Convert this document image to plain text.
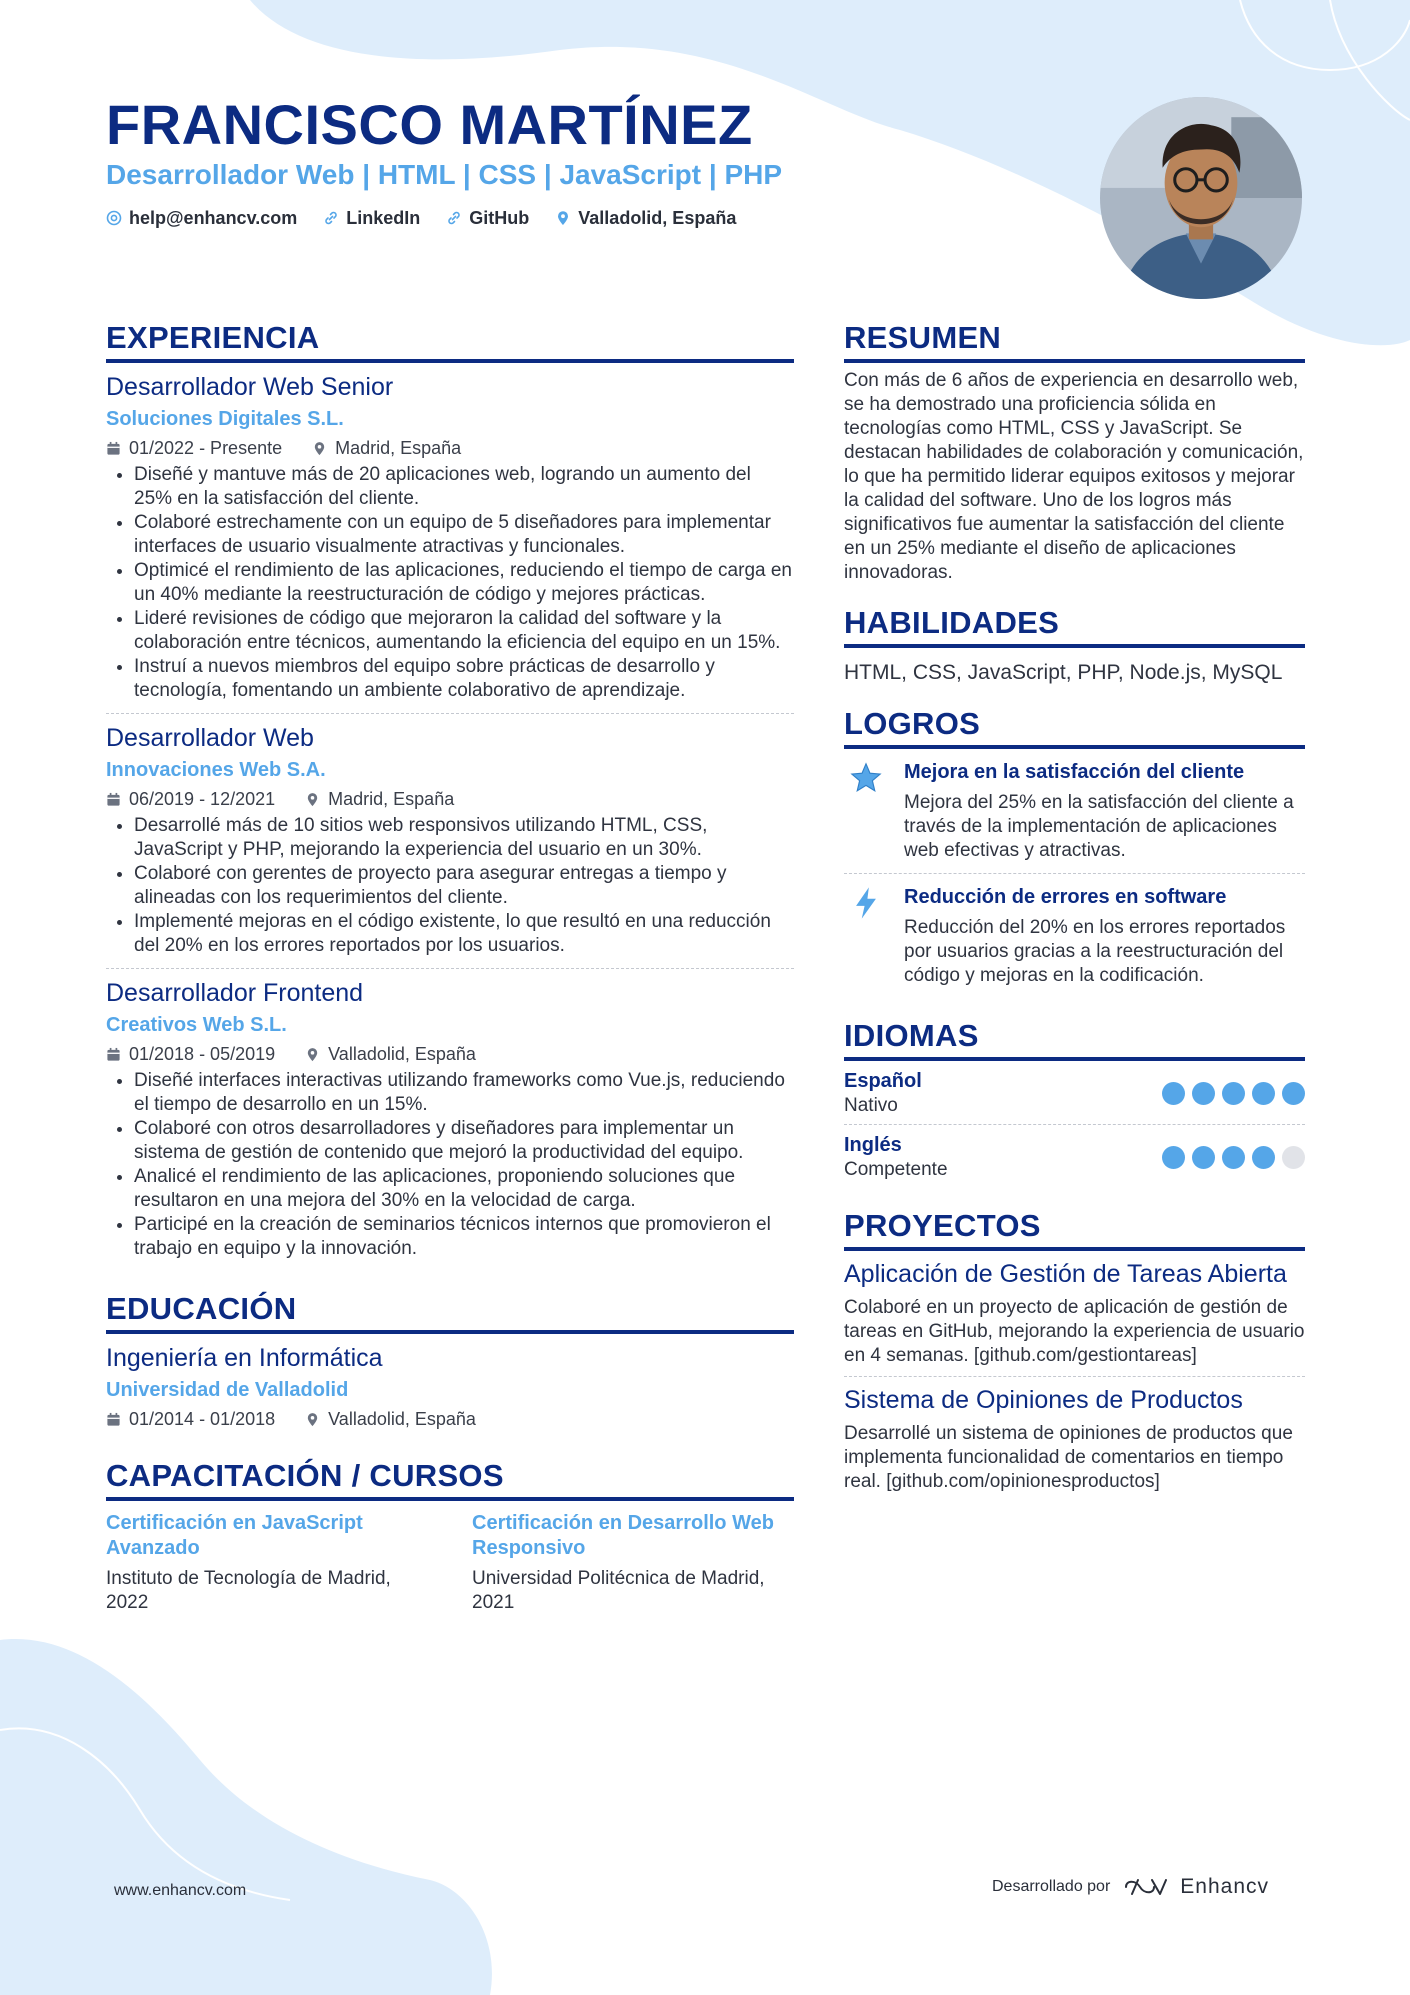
FRANCISCO MARTÍNEZ
Desarrollador Web | HTML | CSS | JavaScript | PHP
help@enhancv.com	LinkedIn	GitHub	Valladolid, España
EXPERIENCIA
Desarrollador Web Senior
Soluciones Digitales S.L.
01/2022 - Presente	Madrid, España
• Diseñé y mantuve más de 20 aplicaciones web, logrando un aumento del 25% en la satisfacción del cliente.
• Colaboré estrechamente con un equipo de 5 diseñadores para implementar interfaces de usuario visualmente atractivas y funcionales.
• Optimicé el rendimiento de las aplicaciones, reduciendo el tiempo de carga en un 40% mediante la reestructuración de código y mejores prácticas.
• Lideré revisiones de código que mejoraron la calidad del software y la colaboración entre técnicos, aumentando la eficiencia del equipo en un 15%.
• Instruí a nuevos miembros del equipo sobre prácticas de desarrollo y tecnología, fomentando un ambiente colaborativo de aprendizaje.
Desarrollador Web
Innovaciones Web S.A.
06/2019 - 12/2021	Madrid, España
• Desarrollé más de 10 sitios web responsivos utilizando HTML, CSS, JavaScript y PHP, mejorando la experiencia del usuario en un 30%.
• Colaboré con gerentes de proyecto para asegurar entregas a tiempo y alineadas con los requerimientos del cliente.
• Implementé mejoras en el código existente, lo que resultó en una reducción del 20% en los errores reportados por los usuarios.
Desarrollador Frontend
Creativos Web S.L.
01/2018 - 05/2019	Valladolid, España
• Diseñé interfaces interactivas utilizando frameworks como Vue.js, reduciendo el tiempo de desarrollo en un 15%.
• Colaboré con otros desarrolladores y diseñadores para implementar un sistema de gestión de contenido que mejoró la productividad del equipo.
• Analicé el rendimiento de las aplicaciones, proponiendo soluciones que resultaron en una mejora del 30% en la velocidad de carga.
• Participé en la creación de seminarios técnicos internos que promovieron el trabajo en equipo y la innovación.
EDUCACIÓN
Ingeniería en Informática
Universidad de Valladolid
01/2014 - 01/2018	Valladolid, España
CAPACITACIÓN / CURSOS
Certificación en JavaScript Avanzado
Instituto de Tecnología de Madrid, 2022
Certificación en Desarrollo Web Responsivo
Universidad Politécnica de Madrid, 2021
RESUMEN

Con más de 6 años de experiencia en desarrollo web, se ha demostrado una proficiencia sólida en tecnologías como HTML, CSS y JavaScript. Se destacan habilidades de colaboración y comunicación, lo que ha permitido liderar equipos exitosos y mejorar la calidad del software. Uno de los logros más significativos fue aumentar la satisfacción del cliente en un 25% mediante el diseño de aplicaciones innovadoras.

HABILIDADES
HTML, CSS, JavaScript, PHP, Node.js, MySQL
LOGROS
Mejora en la satisfacción del cliente
Mejora del 25% en la satisfacción del cliente a través de la implementación de aplicaciones web efectivas y atractivas.
Reducción de errores en software
Reducción del 20% en los errores reportados por usuarios gracias a la reestructuración del código y mejoras en la codificación.
IDIOMAS
Español
Nativo
Inglés
Competente
PROYECTOS
Aplicación de Gestión de Tareas Abierta

Colaboré en un proyecto de aplicación de gestión de tareas en GitHub, mejorando la experiencia de usuario en 4 semanas. [github.com/gestiontareas]

Sistema de Opiniones de Productos

Desarrollé un sistema de opiniones de productos que implementa funcionalidad de comentarios en tiempo real. [github.com/opinionesproductos]

www.enhancv.com	Desarrollado por	Enhancv
